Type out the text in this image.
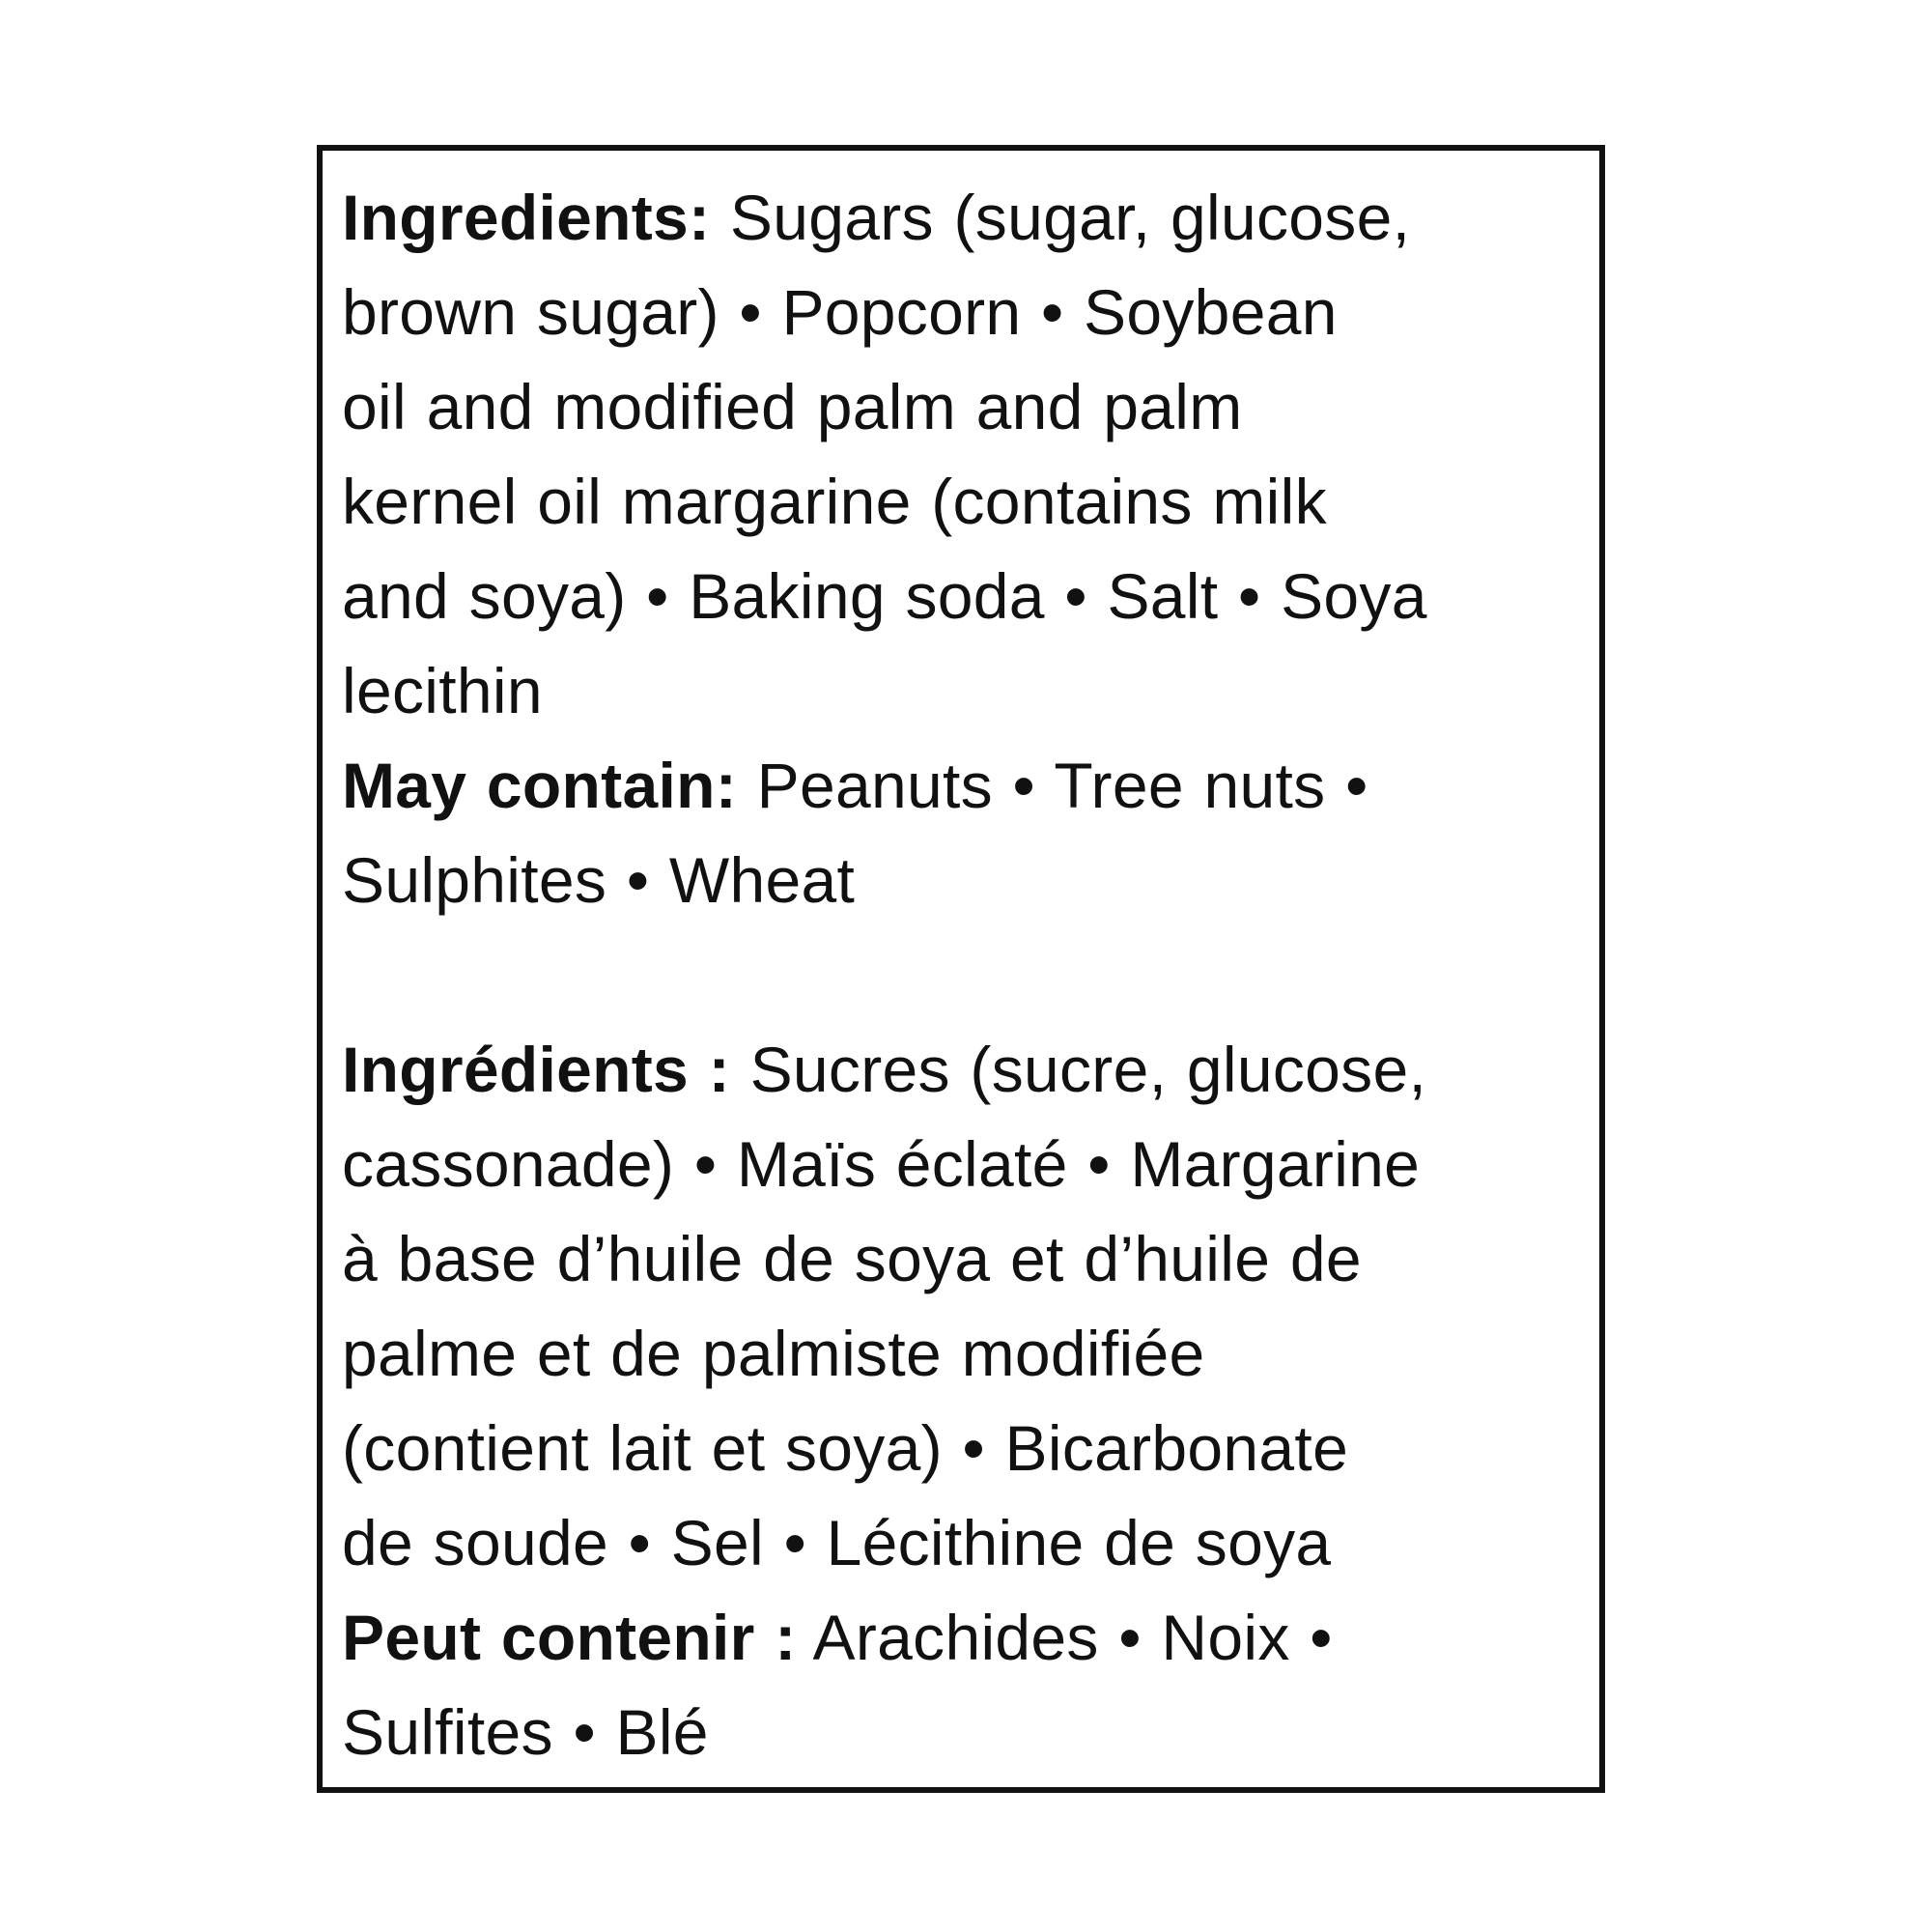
Ingredients: Sugars (sugar, glucose,
brown sugar) • Popcorn • Soybean
oil and modified palm and palm
kernel oil margarine (contains milk
and soya) • Baking soda • Salt • Soya
lecithin
May contain: Peanuts • Tree nuts •
Sulphites • Wheat
Ingrédients : Sucres (sucre, glucose,
cassonade) • Maïs éclaté • Margarine
à base d’huile de soya et d’huile de
palme et de palmiste modifiée
(contient lait et soya) • Bicarbonate
de soude • Sel • Lécithine de soya
Peut contenir : Arachides • Noix •
Sulfites • Blé
